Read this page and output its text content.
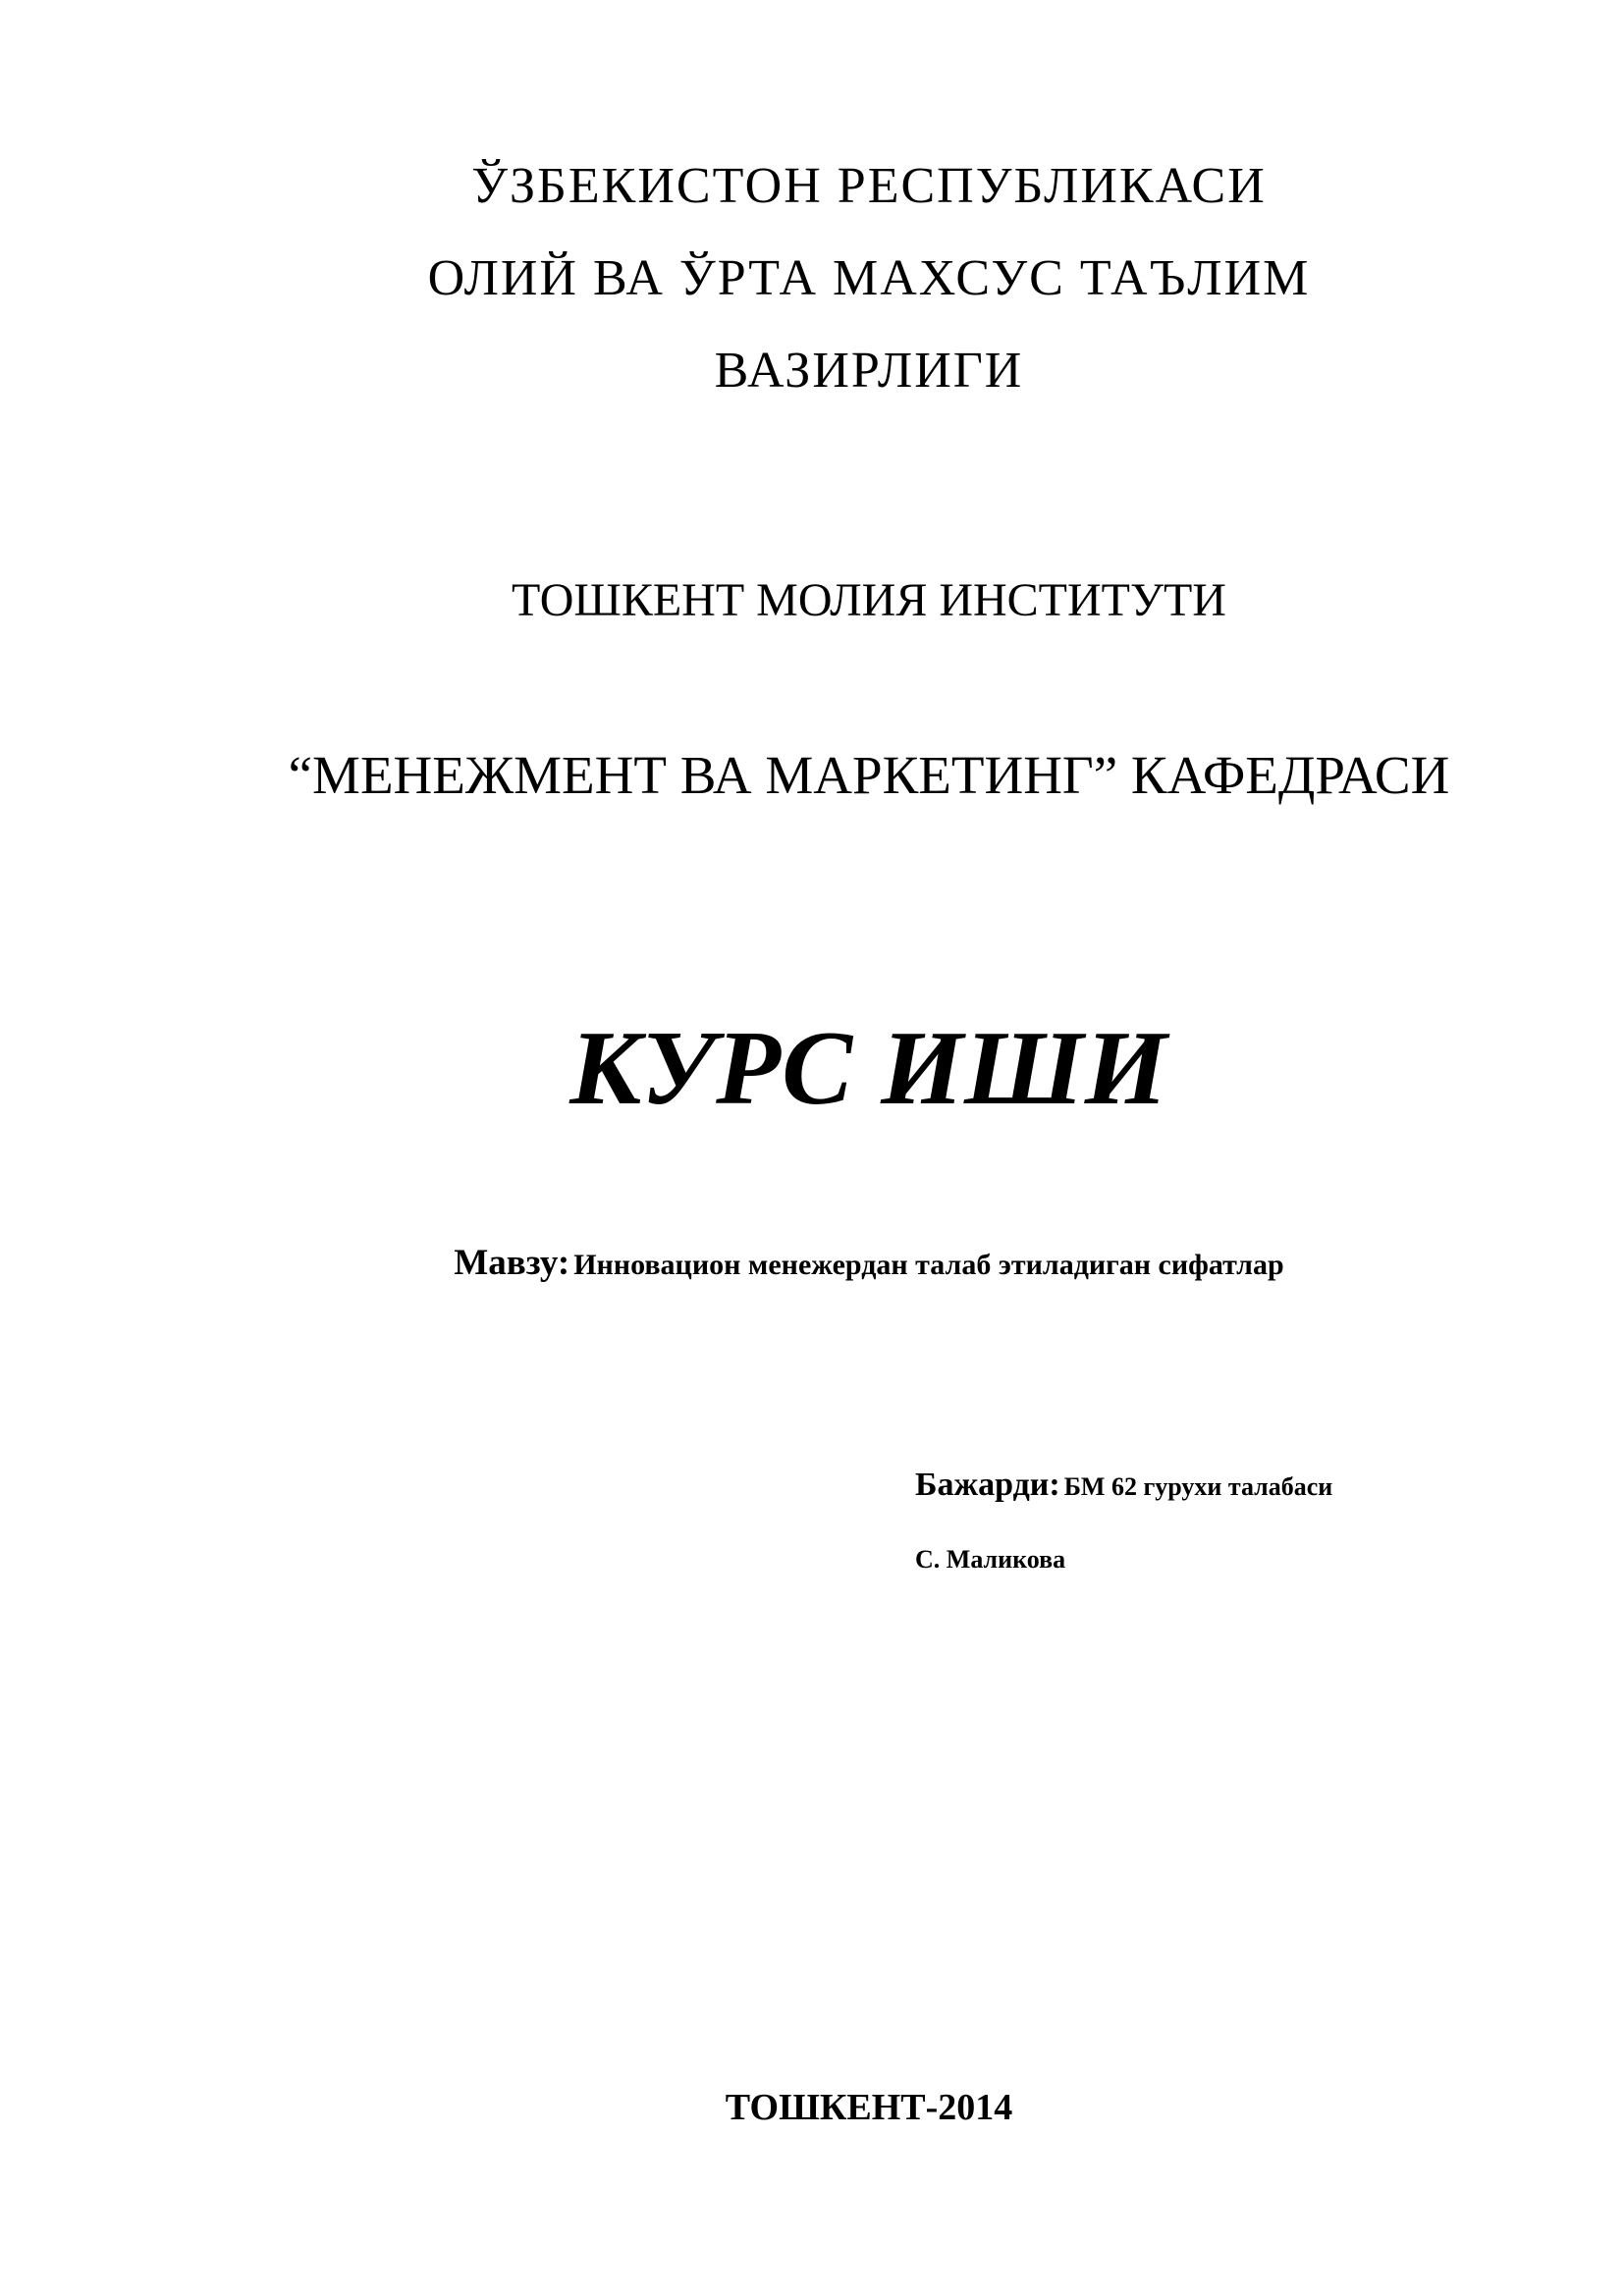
ЎЗБЕКИСТОН РЕСПУБЛИКАСИ
ОЛИЙ ВА ЎРТА МАХСУС ТАЪЛИМ
ВАЗИРЛИГИ
ТОШКЕНТ МОЛИЯ ИНСТИТУТИ
“МЕНЕЖМЕНТ ВА МАРКЕТИНГ” КАФЕДРАСИ
КУРС ИШИ
Мавзу: Инновацион менежердан талаб этиладиган сифатлар
Бажарди: БМ 62 гурухи талабаси
С. Маликова
ТОШКЕНТ-2014
